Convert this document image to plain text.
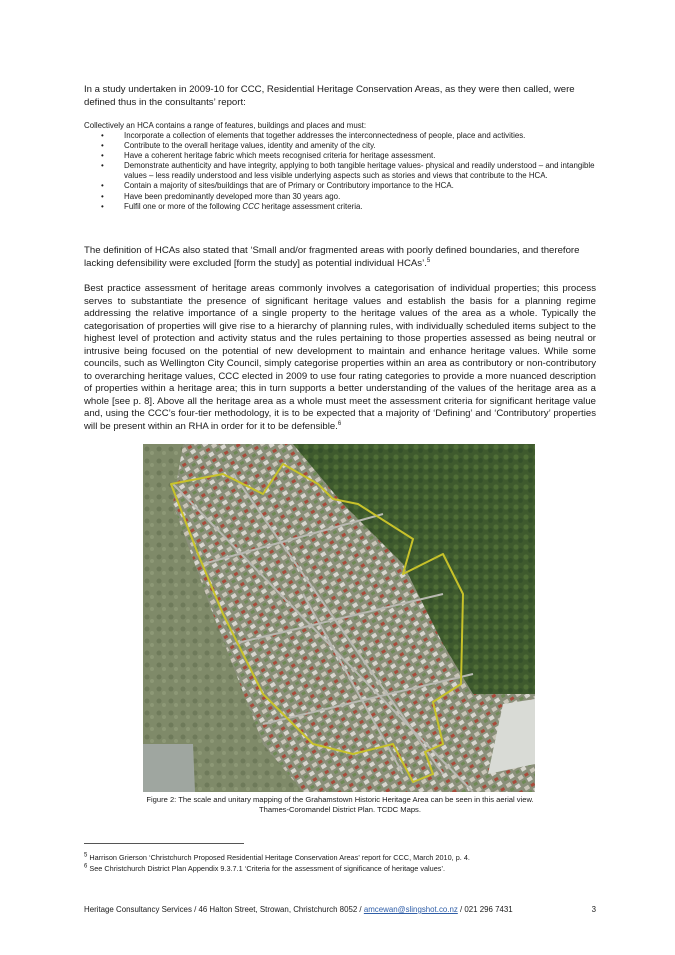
In a study undertaken in 2009-10 for CCC, Residential Heritage Conservation Areas, as they were then called, were defined thus in the consultants’ report:

Collectively an HCA contains a range of features, buildings and places and must:

• Incorporate a collection of elements that together addresses the interconnectedness of people, place and activities.
• Contribute to the overall heritage values, identity and amenity of the city.
• Have a coherent heritage fabric which meets recognised criteria for heritage assessment.
• Demonstrate authenticity and have integrity, applying to both tangible heritage values- physical and readily understood – and intangible values – less readily understood and less visible underlying aspects such as stories and views that contribute to the HCA.
• Contain a majority of sites/buildings that are of Primary or Contributory importance to the HCA.
• Have been predominantly developed more than 30 years ago.
• Fulfil one or more of the following CCC heritage assessment criteria.

The definition of HCAs also stated that ‘Small and/or fragmented areas with poorly defined boundaries, and therefore lacking defensibility were excluded [form the study] as potential individual HCAs’.$^5$

Best practice assessment of heritage areas commonly involves a categorisation of individual properties; this process serves to substantiate the presence of significant heritage values and establish the basis for a planning regime addressing the relative importance of a single property to the heritage values of the area as a whole. Typically the categorisation of properties will give rise to a hierarchy of planning rules, with individually scheduled items subject to the highest level of protection and activity status and the rules pertaining to those properties assessed as being neutral or intrusive being focused on the potential of new development to maintain and enhance heritage values. While some councils, such as Wellington City Council, simply categorise properties within an area as contributory or non-contributory to overarching heritage values, CCC elected in 2009 to use four rating categories to provide a more nuanced description of properties within a heritage area; this in turn supports a better understanding of the values of the heritage area as a whole [see p. 8]. Above all the heritage area as a whole must meet the assessment criteria for significant heritage value and, using the CCC’s four-tier methodology, it is to be expected that a majority of ‘Defining’ and ‘Contributory’ properties will be present within an RHA in order for it to be defensible.$^6$

Figure 2: The scale and unitary mapping of the Grahamstown Historic Heritage Area can be seen in this aerial view.
Thames-Coromandel District Plan. TCDC Maps.
$^5$ Harrison Grierson ‘Christchurch Proposed Residential Heritage Conservation Areas’ report for CCC, March 2010, p. 4.
$^6$ See Christchurch District Plan Appendix 9.3.7.1 ‘Criteria for the assessment of significance of heritage values’.
Heritage Consultancy Services / 46 Halton Street, Strowan, Christchurch 8052 / amcewan@slingshot.co.nz / 021 296 7431	3
